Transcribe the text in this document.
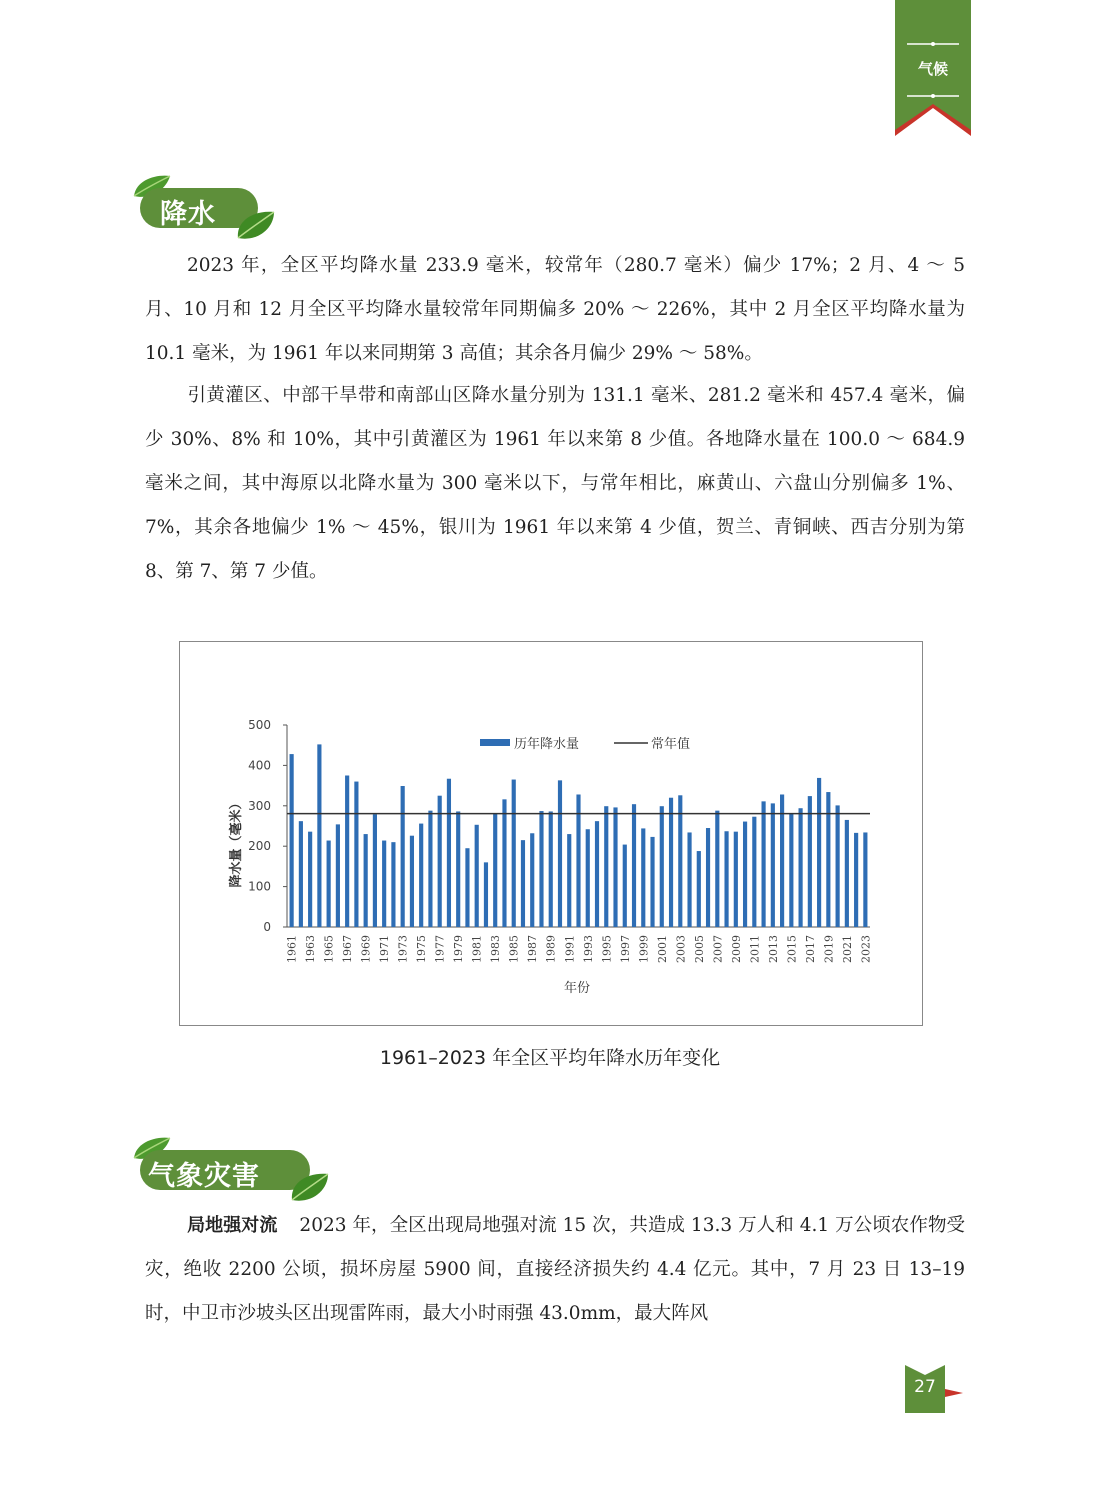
气候
降水

2023 年，全区平均降水量 233.9 毫米，较常年（280.7 毫米）偏少 17%；2 月、4 ～ 5 月、10 月和 12 月全区平均降水量较常年同期偏多 20% ～ 226%，其中 2 月全区平均降水量为 10.1 毫米，为 1961 年以来同期第 3 高值；其余各月偏少 29% ～ 58%。

引黄灌区、中部干旱带和南部山区降水量分别为 131.1 毫米、281.2 毫米和 457.4 毫米，偏少 30%、8% 和 10%，其中引黄灌区为 1961 年以来第 8 少值。各地降水量在 100.0 ～ 684.9 毫米之间，其中海原以北降水量为 300 毫米以下，与常年相比，麻黄山、六盘山分别偏多 1%、7%，其余各地偏少 1% ～ 45%，银川为 1961 年以来第 4 少值，贺兰、青铜峡、西吉分别为第 8、第 7、第 7 少值。

0
100
200
300
400
500
1961 1963 1965 1967 1969 1971 1973 1975 1977 1979 1981 1983 1985 1987 1989 1991 1993 1995 1997 1999 2001 2003 2005 2007 2009 2011 2013 2015 2017 2019 2021 2023
历年降水量	常年值
降水量（毫米）
年份
1961–2023 年全区平均年降水历年变化
气象灾害

局地强对流 2023 年，全区出现局地强对流 15 次，共造成 13.3 万人和 4.1 万公顷农作物受灾，绝收 2200 公顷，损坏房屋 5900 间，直接经济损失约 4.4 亿元。其中，7 月 23 日 13–19 时，中卫市沙坡头区出现雷阵雨，最大小时雨强 43.0mm，最大阵风

27
